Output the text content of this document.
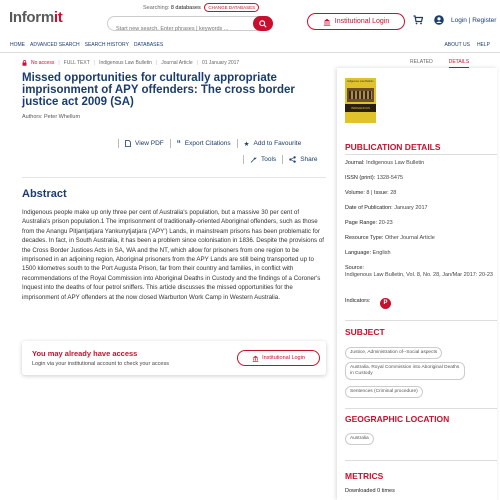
Informit
Searching: 8 databases CHANGE DATABASES
Start new search. Enter phrases | keywords ...
Institutional Login	Login | Register
HOME ADVANCED SEARCH SEARCH HISTORY DATABASES	ABOUT US HELP
No access | FULL TEXT | Indigenous Law Bulletin | Journal Article | 01 January 2017	RELATED	DETAILS
Missed opportunities for culturally appropriate imprisonment of APY offenders: The cross border justice act 2009 (SA)
Authors: Peter Whellum
View PDF “ Export Citations ★ Add to Favourite
Tools	Share
Abstract
Indigenous people make up only three per cent of Australia's population, but a massive 30 per cent of Australia's prison population.1 The imprisonment of traditionally-oriented Aboriginal offenders, such as those from the Anangu Pitjantjatjara Yankunytjatjara ('APY') Lands, in mainstream prisons has been problematic for decades. In fact, in South Australia, it has been a problem since colonisation in 1836. Despite the provisions of the Cross Border Justices Acts in SA, WA and the NT, which allow for prisoners from one region to be imprisoned in an adjoining region, Aboriginal prisoners from the APY Lands are still being transported up to 1500 kilometres south to the Port Augusta Prison, far from their country and families, in conflict with recommendations of the Royal Commission into Aboriginal Deaths in Custody and the findings of a Coroner's Inquest into the deaths of four petrol sniffers. This article discusses the missed opportunities for the imprisonment of APY offenders at the now closed Warburton Work Camp in Western Australia.
You may already have access
Login via your institutional account to check your access
Institutional Login
Indigenous Law Bulletin
INDIGENOUS
PUBLICATION DETAILS
Journal: Indigenous Law Bulletin
ISSN (print): 1328-5475
Volume: 8 | Issue: 28
Date of Publication: January 2017
Page Range: 20-23
Resource Type: Other Journal Article
Language: English
Source:
Indigenous Law Bulletin, Vol. 8, No. 28, Jan/Mar 2017: 20-23
Indicators:	P
SUBJECT
Justice, Administration of--Social aspects
Australia. Royal Commission into Aboriginal Deaths in Custody
Sentences (Criminal procedure)
GEOGRAPHIC LOCATION
Australia
METRICS
Downloaded 0 times
